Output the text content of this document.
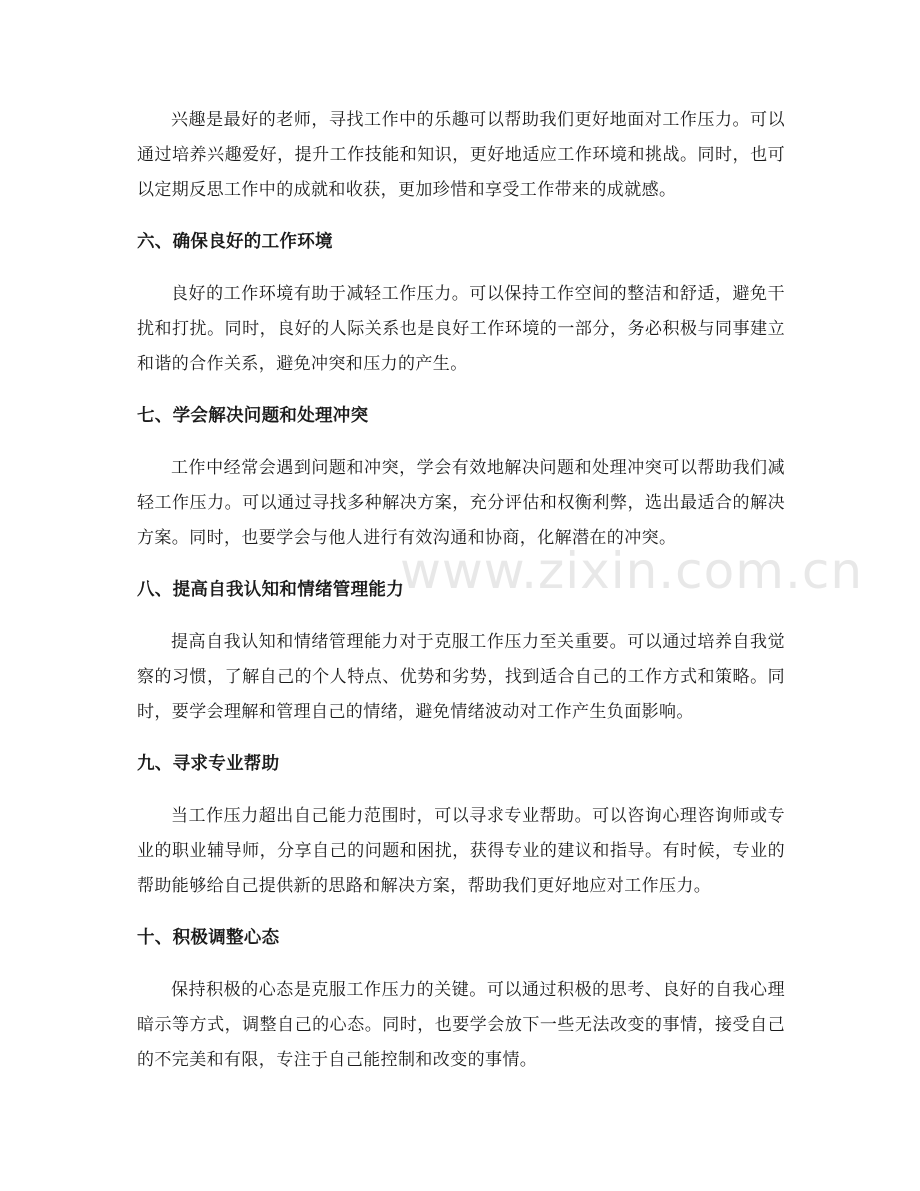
www.zixin.com.cn

兴趣是最好的老师，寻找工作中的乐趣可以帮助我们更好地面对工作压力。可以通过培养兴趣爱好，提升工作技能和知识，更好地适应工作环境和挑战。同时，也可以定期反思工作中的成就和收获，更加珍惜和享受工作带来的成就感。

六、确保良好的工作环境

良好的工作环境有助于减轻工作压力。可以保持工作空间的整洁和舒适，避免干扰和打扰。同时，良好的人际关系也是良好工作环境的一部分，务必积极与同事建立和谐的合作关系，避免冲突和压力的产生。

七、学会解决问题和处理冲突

工作中经常会遇到问题和冲突，学会有效地解决问题和处理冲突可以帮助我们减轻工作压力。可以通过寻找多种解决方案，充分评估和权衡利弊，选出最适合的解决方案。同时，也要学会与他人进行有效沟通和协商，化解潜在的冲突。

八、提高自我认知和情绪管理能力

提高自我认知和情绪管理能力对于克服工作压力至关重要。可以通过培养自我觉察的习惯，了解自己的个人特点、优势和劣势，找到适合自己的工作方式和策略。同时，要学会理解和管理自己的情绪，避免情绪波动对工作产生负面影响。

九、寻求专业帮助

当工作压力超出自己能力范围时，可以寻求专业帮助。可以咨询心理咨询师或专业的职业辅导师，分享自己的问题和困扰，获得专业的建议和指导。有时候，专业的帮助能够给自己提供新的思路和解决方案，帮助我们更好地应对工作压力。

十、积极调整心态

保持积极的心态是克服工作压力的关键。可以通过积极的思考、良好的自我心理暗示等方式，调整自己的心态。同时，也要学会放下一些无法改变的事情，接受自己的不完美和有限，专注于自己能控制和改变的事情。
